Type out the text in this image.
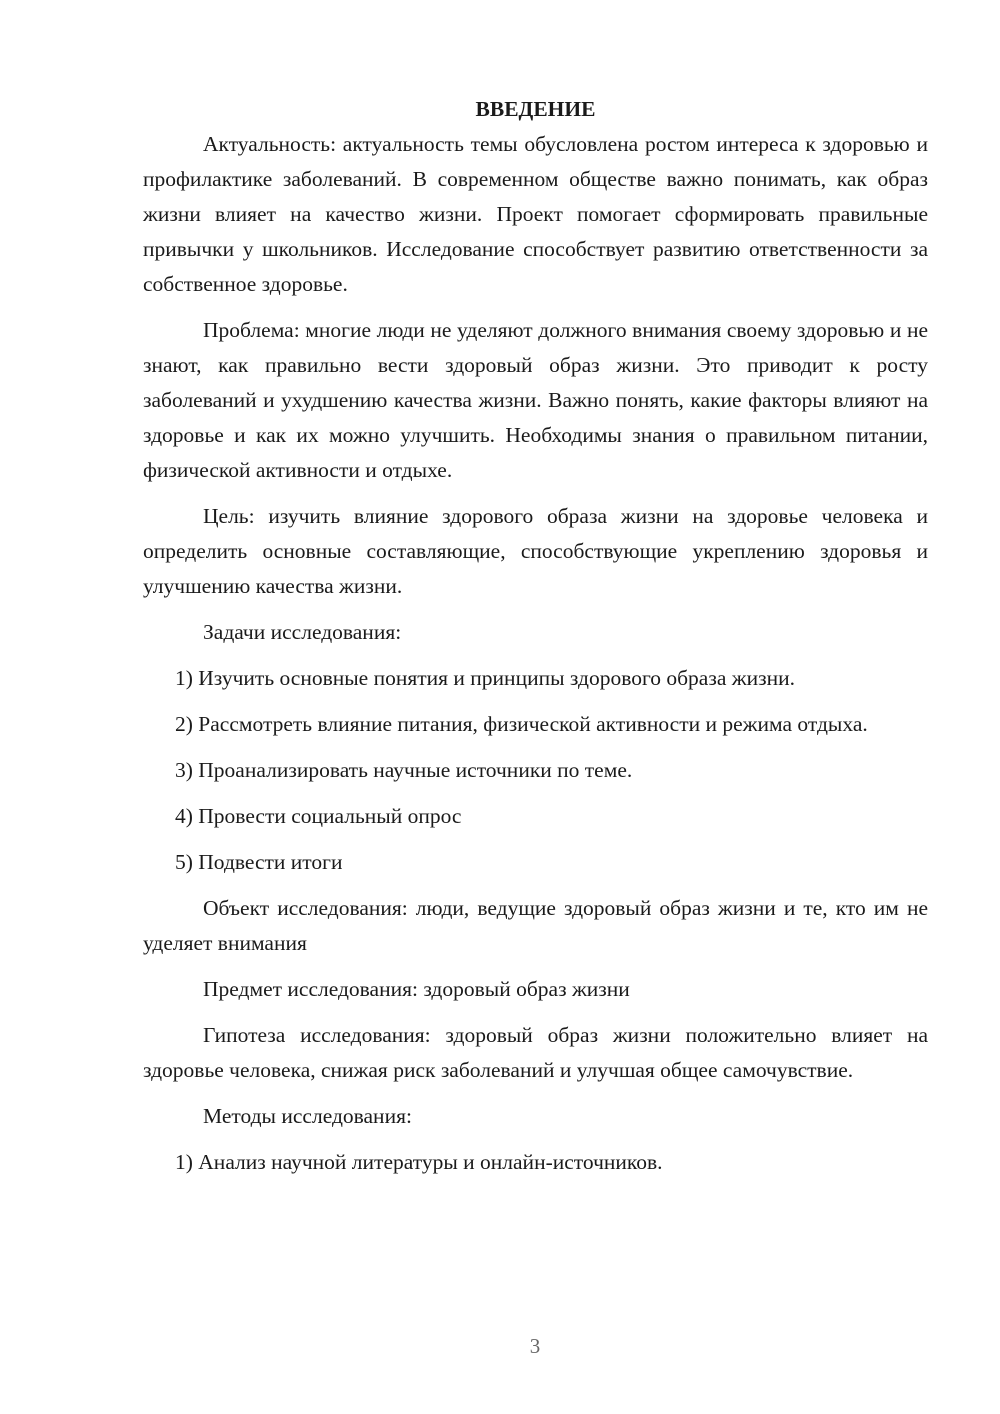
ВВЕДЕНИЕ

Актуальность: актуальность темы обусловлена ростом интереса к здоровью и профилактике заболеваний. В современном обществе важно понимать, как образ жизни влияет на качество жизни. Проект помогает сформировать правильные привычки у школьников. Исследование способствует развитию ответственности за собственное здоровье.

Проблема: многие люди не уделяют должного внимания своему здоровью и не знают, как правильно вести здоровый образ жизни. Это приводит к росту заболеваний и ухудшению качества жизни. Важно понять, какие факторы влияют на здоровье и как их можно улучшить. Необходимы знания о правильном питании, физической активности и отдыхе.

Цель: изучить влияние здорового образа жизни на здоровье человека и определить основные составляющие, способствующие укреплению здоровья и улучшению качества жизни.

Задачи исследования:

1) Изучить основные понятия и принципы здорового образа жизни.

2) Рассмотреть влияние питания, физической активности и режима отдыха.

3) Проанализировать научные источники по теме.

4) Провести социальный опрос

5) Подвести итоги

Объект исследования: люди, ведущие здоровый образ жизни и те, кто им не уделяет внимания

Предмет исследования: здоровый образ жизни

Гипотеза исследования: здоровый образ жизни положительно влияет на здоровье человека, снижая риск заболеваний и улучшая общее самочувствие.

Методы исследования:

1) Анализ научной литературы и онлайн-источников.

3
